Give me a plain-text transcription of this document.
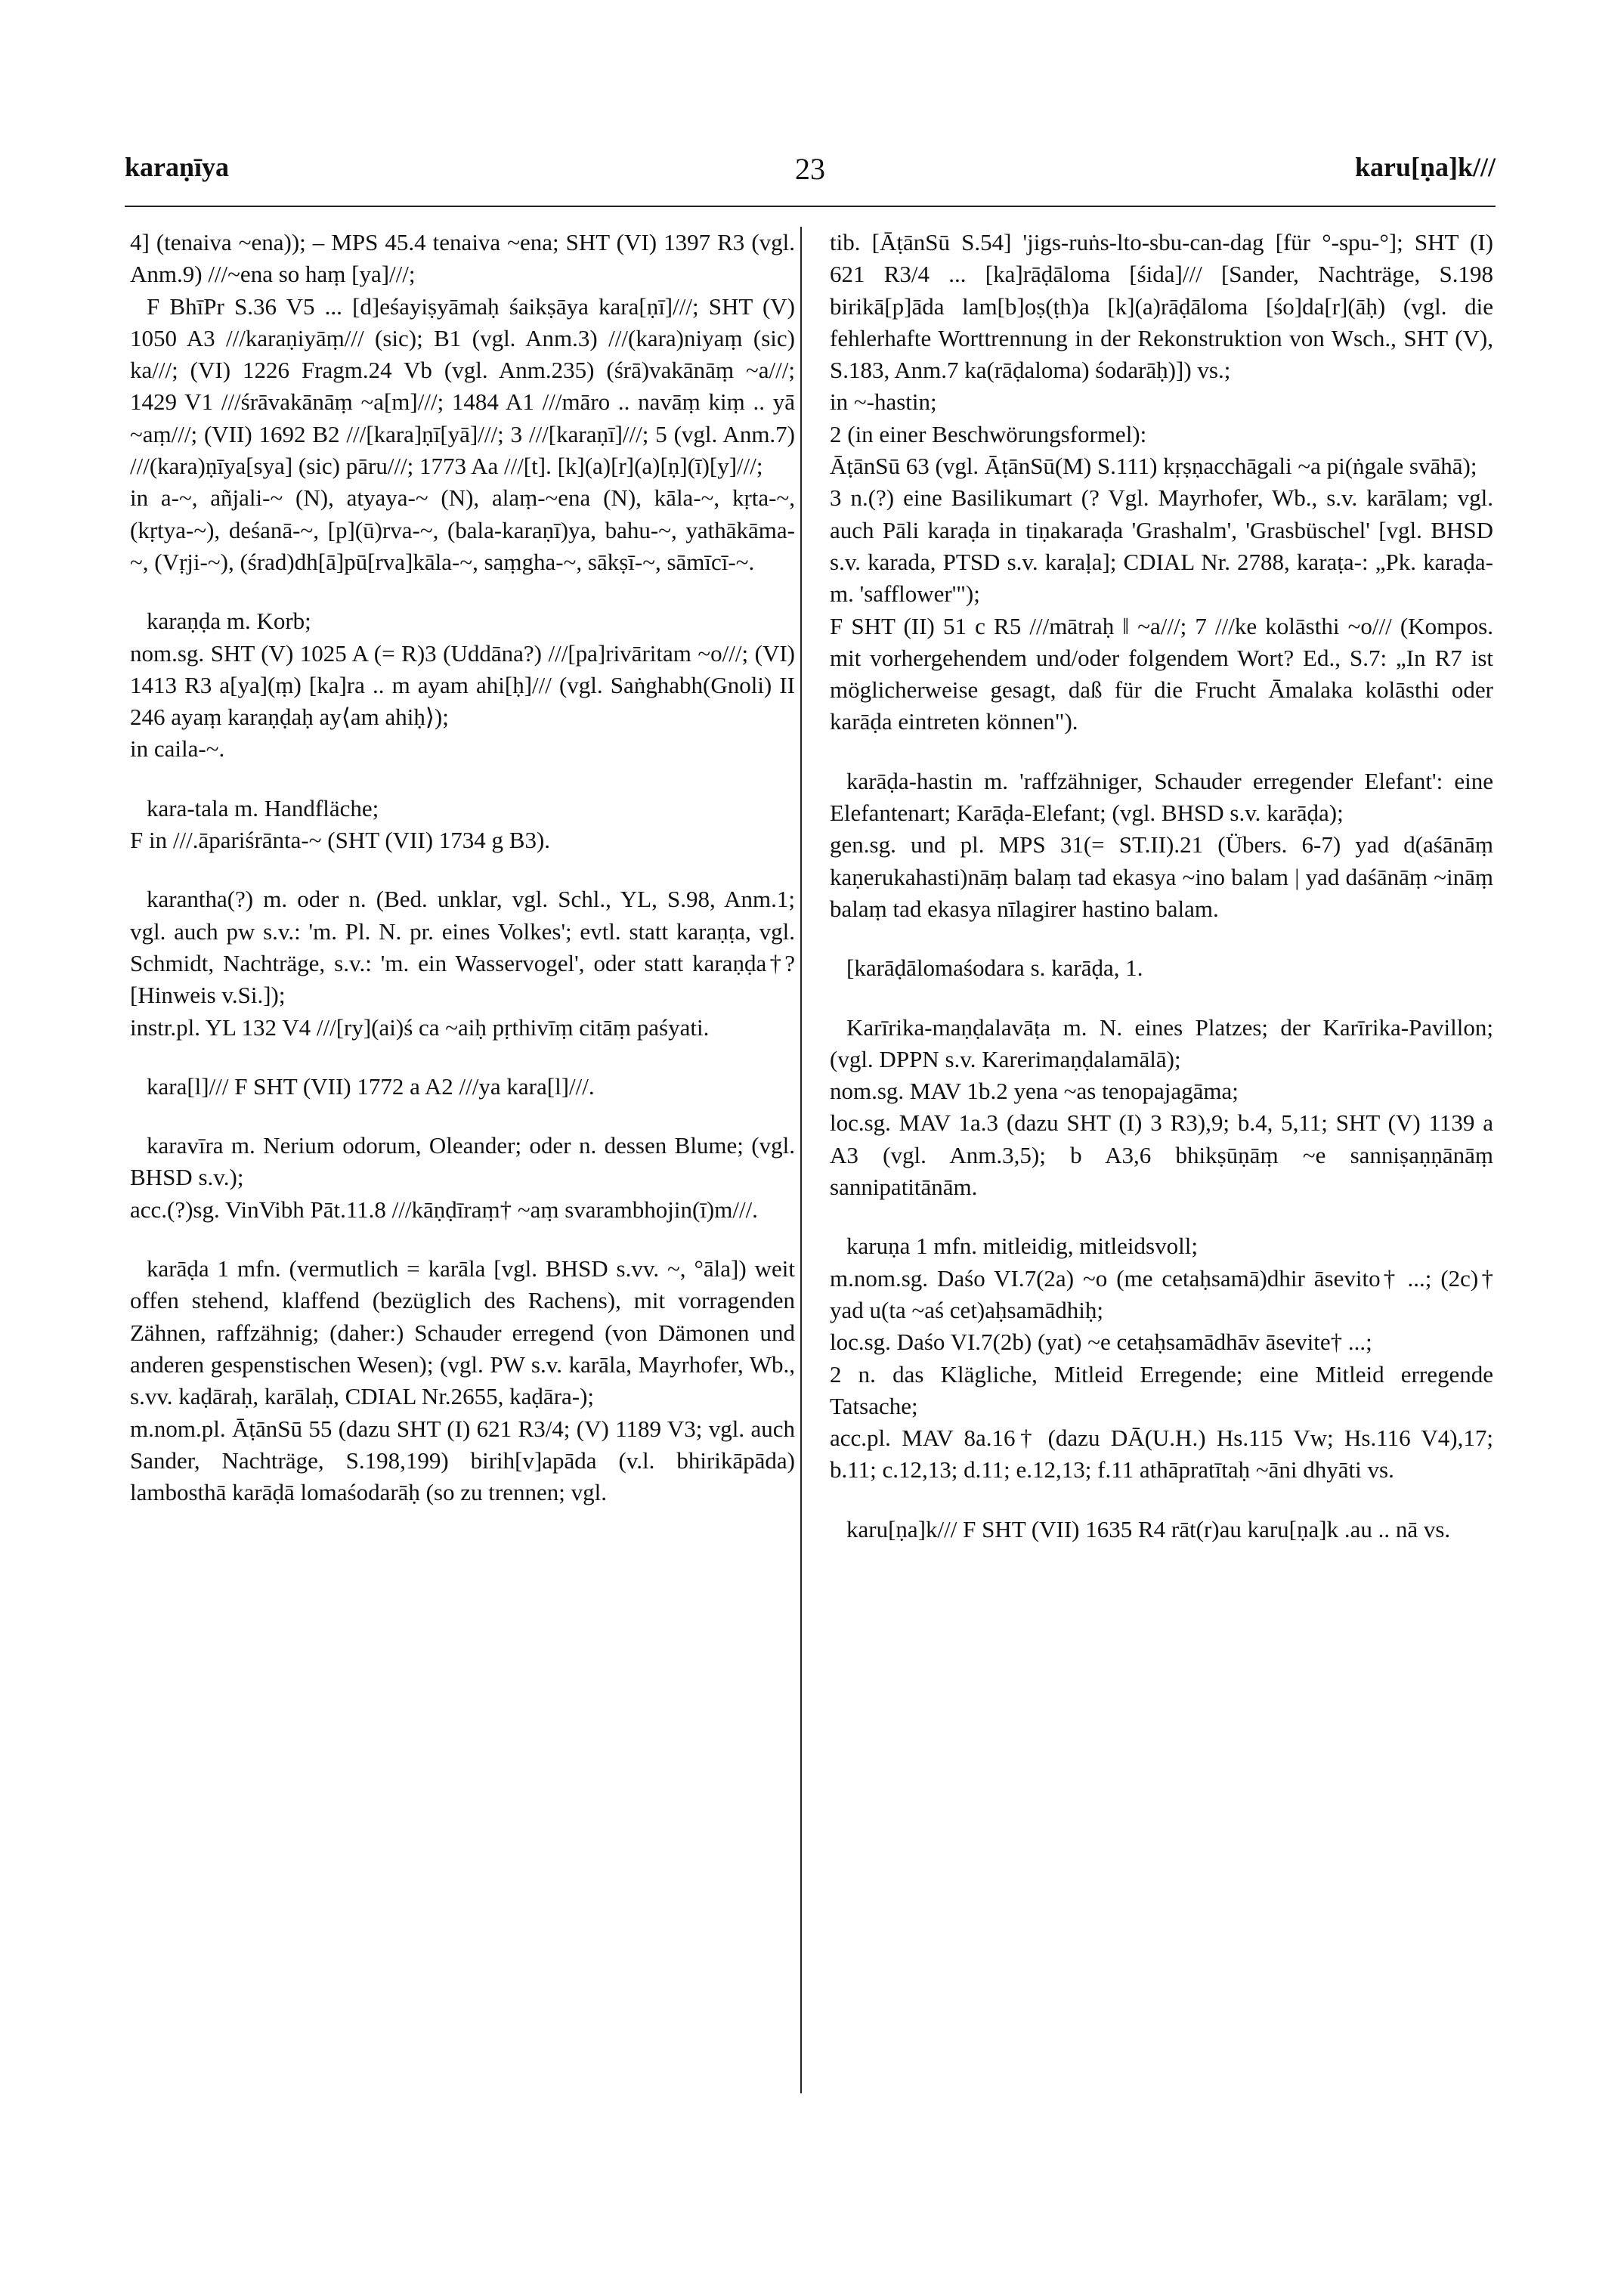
karaṇīya	23	karu[ṇa]k///

4] (tenaiva ~ena)); – MPS 45.4 tenaiva ~ena; SHT (VI) 1397 R3 (vgl. Anm.9) ///~ena so haṃ [ya]///;

F BhīPr S.36 V5 ... [d]eśayiṣyāmaḥ śaikṣāya kara[ṇī]///; SHT (V) 1050 A3 ///karaṇiyāṃ/// (sic); B1 (vgl. Anm.3) ///(kara)niyaṃ (sic) ka///; (VI) 1226 Fragm.24 Vb (vgl. Anm.235) (śrā)vakānāṃ ~a///; 1429 V1 ///śrāvakānāṃ ~a[m]///; 1484 A1 ///māro .. navāṃ kiṃ .. yā ~aṃ///; (VII) 1692 B2 ///[kara]ṇī[yā]///; 3 ///[karaṇī]///; 5 (vgl. Anm.7) ///(kara)ṇīya[sya] (sic) pāru///; 1773 Aa ///[t]. [k](a)[r](a)[ṇ](ī)[y]///;

in a-~, añjali-~ (N), atyaya-~ (N), alaṃ-~ena (N), kāla-~, kṛta-~, (kṛtya-~), deśanā-~, [p](ū)rva-~, (bala-karaṇī)ya, bahu-~, yathākāma-~, (Vṛji-~), (śrad)dh[ā]pū[rva]kāla-~, saṃgha-~, sākṣī-~, sāmīcī-~.

karaṇḍa m. Korb;

nom.sg. SHT (V) 1025 A (= R)3 (Uddāna?) ///[pa]rivāritam ~o///; (VI) 1413 R3 a[ya](ṃ) [ka]ra .. m ayam ahi[ḥ]/// (vgl. Saṅghabh(Gnoli) II 246 ayaṃ karaṇḍaḥ ay⟨am ahiḥ⟩);

in caila-~.

kara-tala m. Handfläche;

F in ///.āpariśrānta-~ (SHT (VII) 1734 g B3).

karantha(?) m. oder n. (Bed. unklar, vgl. Schl., YL, S.98, Anm.1; vgl. auch pw s.v.: 'm. Pl. N. pr. eines Volkes'; evtl. statt karaṇṭa, vgl. Schmidt, Nachträge, s.v.: 'm. ein Wasservogel', oder statt karaṇḍa†? [Hinweis v.Si.]);

instr.pl. YL 132 V4 ///[ry](ai)ś ca ~aiḥ pṛthivīṃ citāṃ paśyati.

kara[l]/// F SHT (VII) 1772 a A2 ///ya kara[l]///.

karavīra m. Nerium odorum, Oleander; oder n. dessen Blume; (vgl. BHSD s.v.);

acc.(?)sg. VinVibh Pāt.11.8 ///kāṇḍīraṃ† ~aṃ svarambhojin(ī)m///.

karāḍa 1 mfn. (vermutlich = karāla [vgl. BHSD s.vv. ~, °āla]) weit offen stehend, klaffend (bezüglich des Rachens), mit vorragenden Zähnen, raffzähnig; (daher:) Schauder erregend (von Dämonen und anderen gespenstischen Wesen); (vgl. PW s.v. karāla, Mayrhofer, Wb., s.vv. kaḍāraḥ, karālaḥ, CDIAL Nr.2655, kaḍāra-);

m.nom.pl. ĀṭānSū 55 (dazu SHT (I) 621 R3/4; (V) 1189 V3; vgl. auch Sander, Nachträge, S.198,199) birih[v]apāda (v.l. bhirikāpāda) lambosthā karāḍā lomaśodarāḥ (so zu trennen; vgl.

tib. [ĀṭānSū S.54] 'jigs-ruṅs-lto-sbu-can-dag [für °-spu-°]; SHT (I) 621 R3/4 ... [ka]rāḍāloma [śida]/// [Sander, Nachträge, S.198 birikā[p]āda lam[b]oṣ(ṭh)a [k](a)rāḍāloma [śo]da[r](āḥ) (vgl. die fehlerhafte Worttrennung in der Rekonstruktion von Wsch., SHT (V), S.183, Anm.7 ka(rāḍaloma) śodarāḥ)]) vs.;

in ~-hastin;

2 (in einer Beschwörungsformel):

ĀṭānSū 63 (vgl. ĀṭānSū(M) S.111) kṛṣṇacchāgali ~a pi(ṅgale svāhā);

3 n.(?) eine Basilikumart (? Vgl. Mayrhofer, Wb., s.v. karālam; vgl. auch Pāli karaḍa in tiṇakaraḍa 'Grashalm', 'Grasbüschel' [vgl. BHSD s.v. karada, PTSD s.v. karaḷa]; CDIAL Nr. 2788, karaṭa-: „Pk. karaḍa- m. 'safflower'");

F SHT (II) 51 c R5 ///mātraḥ ‖ ~a///; 7 ///ke kolāsthi ~o/// (Kompos. mit vorhergehendem und/oder folgendem Wort? Ed., S.7: „In R7 ist möglicherweise gesagt, daß für die Frucht Āmalaka kolāsthi oder karāḍa eintreten können").

karāḍa-hastin m. 'raffzähniger, Schauder erregender Elefant': eine Elefantenart; Karāḍa-Elefant; (vgl. BHSD s.v. karāḍa);

gen.sg. und pl. MPS 31(= ST.II).21 (Übers. 6-7) yad d(aśānāṃ kaṇerukahasti)nāṃ balaṃ tad ekasya ~ino balam | yad daśānāṃ ~ināṃ balaṃ tad ekasya nīlagirer hastino balam.

[karāḍālomaśodara s. karāḍa, 1.

Karīrika-maṇḍalavāṭa m. N. eines Platzes; der Karīrika-Pavillon; (vgl. DPPN s.v. Karerimaṇḍalamālā);

nom.sg. MAV 1b.2 yena ~as tenopajagāma;

loc.sg. MAV 1a.3 (dazu SHT (I) 3 R3),9; b.4, 5,11; SHT (V) 1139 a A3 (vgl. Anm.3,5); b A3,6 bhikṣūṇāṃ ~e sanniṣaṇṇānāṃ sannipatitānām.

karuṇa 1 mfn. mitleidig, mitleidsvoll;

m.nom.sg. Daśo VI.7(2a) ~o (me cetaḥsamā)dhir āsevito† ...; (2c)† yad u(ta ~aś cet)aḥsamādhiḥ;

loc.sg. Daśo VI.7(2b) (yat) ~e cetaḥsamādhāv āsevite† ...;

2 n. das Klägliche, Mitleid Erregende; eine Mitleid erregende Tatsache;

acc.pl. MAV 8a.16† (dazu DĀ(U.H.) Hs.115 Vw; Hs.116 V4),17; b.11; c.12,13; d.11; e.12,13; f.11 athāpratītaḥ ~āni dhyāti vs.

karu[ṇa]k/// F SHT (VII) 1635 R4 rāt(r)au karu[ṇa]k .au .. nā vs.
